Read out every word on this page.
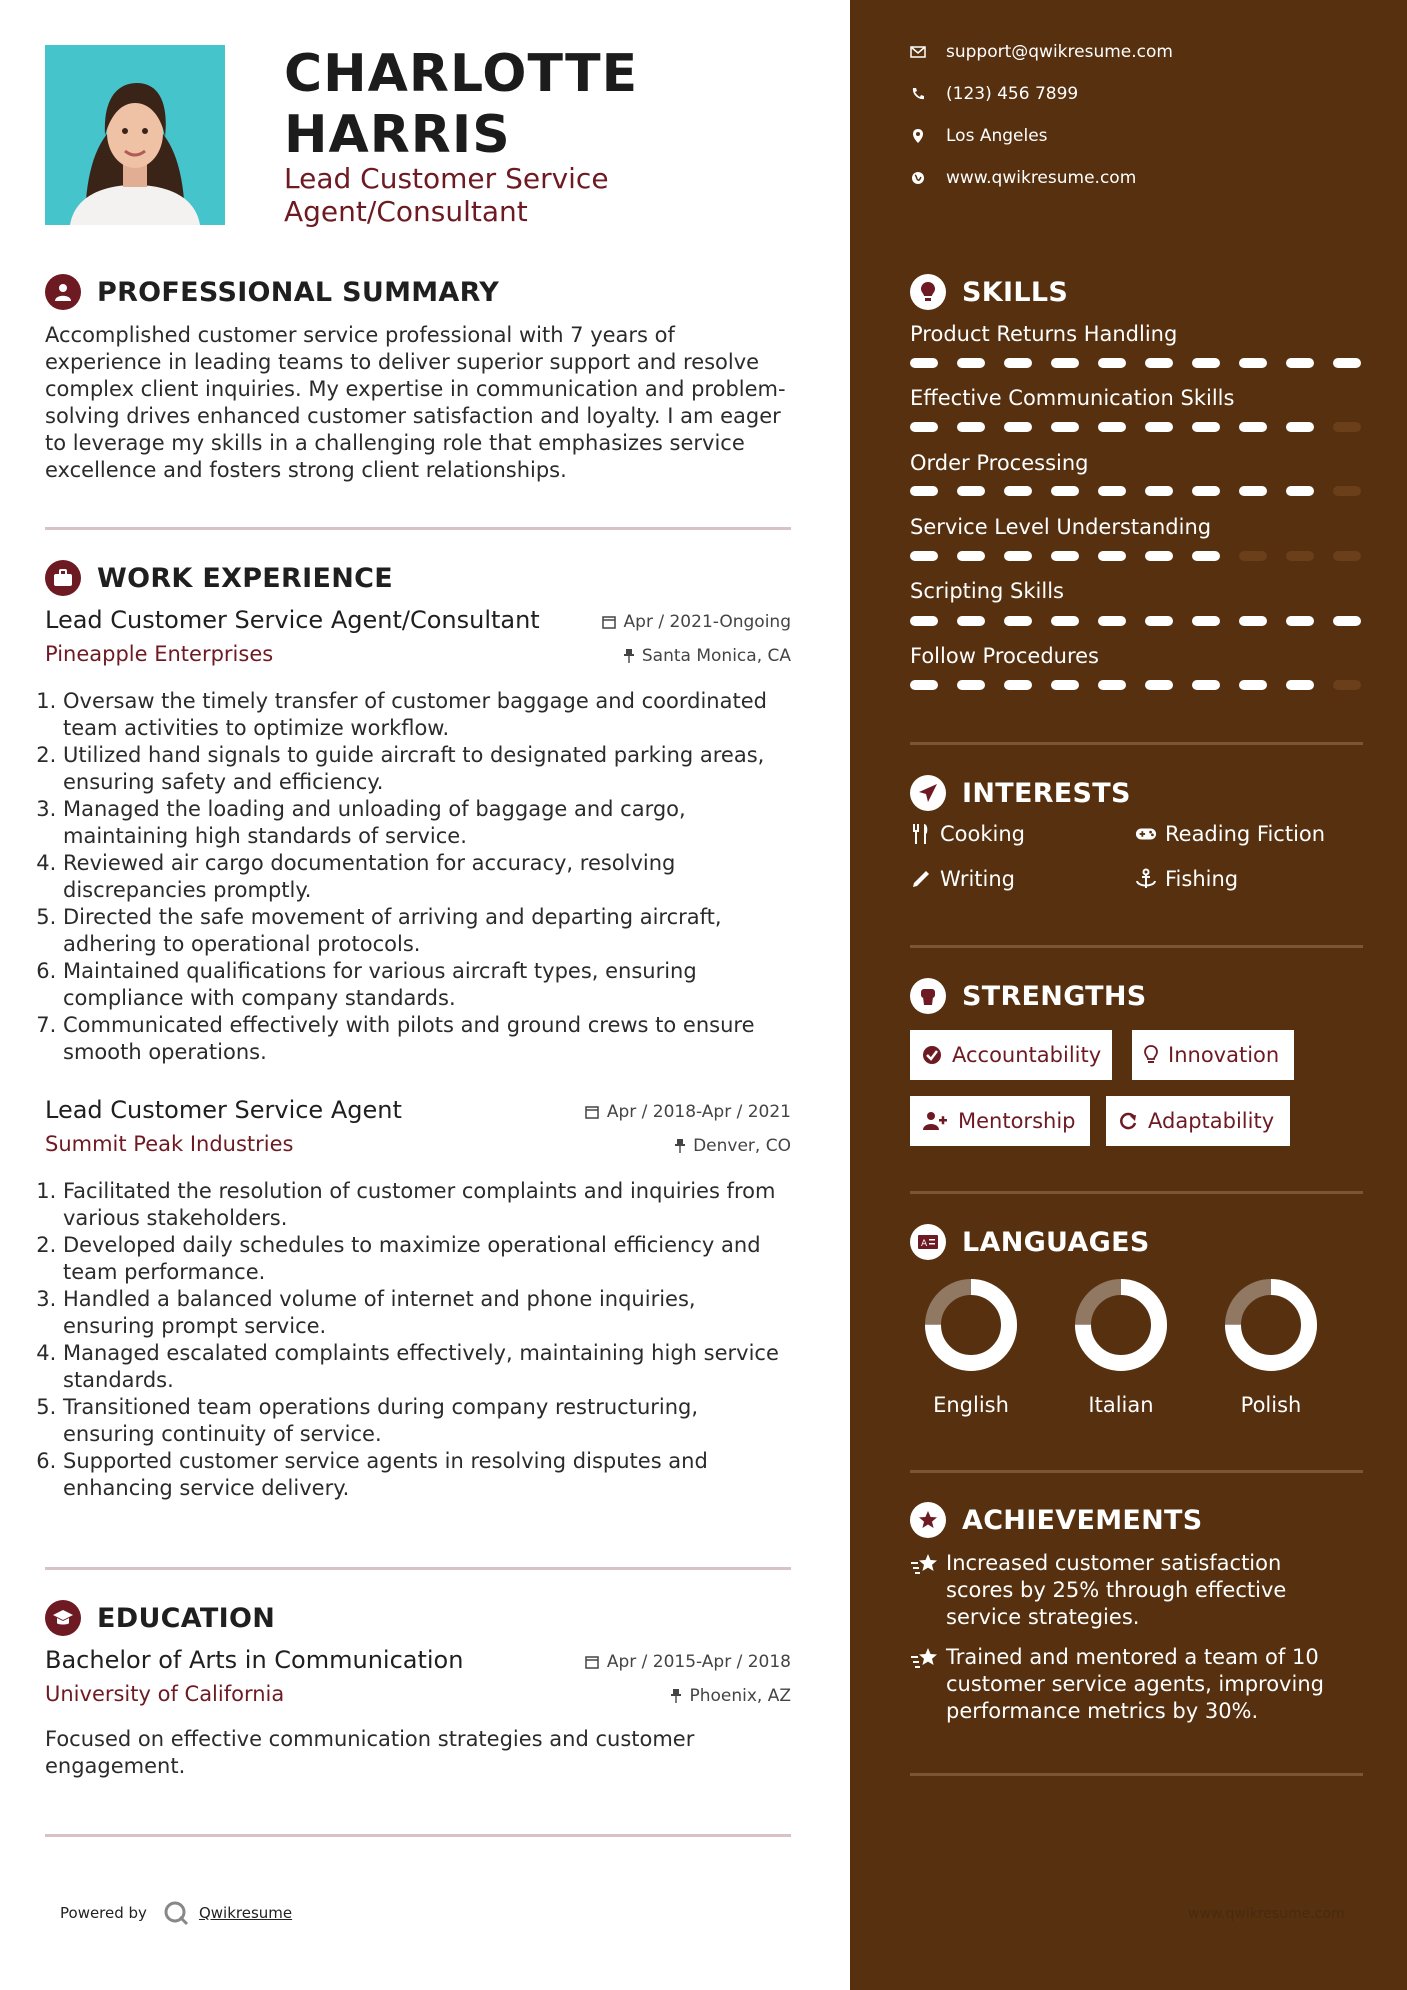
CHARLOTTE HARRIS
Lead Customer Service Agent/Consultant
PROFESSIONAL SUMMARY
Accomplished customer service professional with 7 years of experience in leading teams to deliver superior support and resolve complex client inquiries. My expertise in communication and problem-solving drives enhanced customer satisfaction and loyalty. I am eager to leverage my skills in a challenging role that emphasizes service excellence and fosters strong client relationships.
WORK EXPERIENCE
Lead Customer Service Agent/Consultant	Apr / 2021-Ongoing
Pineapple Enterprises	Santa Monica, CA
1. Oversaw the timely transfer of customer baggage and coordinated team activities to optimize workflow.
2. Utilized hand signals to guide aircraft to designated parking areas, ensuring safety and efficiency.
3. Managed the loading and unloading of baggage and cargo, maintaining high standards of service.
4. Reviewed air cargo documentation for accuracy, resolving discrepancies promptly.
5. Directed the safe movement of arriving and departing aircraft, adhering to operational protocols.
6. Maintained qualifications for various aircraft types, ensuring compliance with company standards.
7. Communicated effectively with pilots and ground crews to ensure smooth operations.
Lead Customer Service Agent	Apr / 2018-Apr / 2021
Summit Peak Industries	Denver, CO
1. Facilitated the resolution of customer complaints and inquiries from various stakeholders.
2. Developed daily schedules to maximize operational efficiency and team performance.
3. Handled a balanced volume of internet and phone inquiries, ensuring prompt service.
4. Managed escalated complaints effectively, maintaining high service standards.
5. Transitioned team operations during company restructuring, ensuring continuity of service.
6. Supported customer service agents in resolving disputes and enhancing service delivery.
EDUCATION
Bachelor of Arts in Communication	Apr / 2015-Apr / 2018
University of California	Phoenix, AZ
Focused on effective communication strategies and customer engagement.
Powered by	Qwikresume
support@qwikresume.com
(123) 456 7899
Los Angeles
www.qwikresume.com
SKILLS
Product Returns Handling
Effective Communication Skills
Order Processing
Service Level Understanding
Scripting Skills
Follow Procedures
INTERESTS
Cooking	Reading Fiction
Writing	Fishing
STRENGTHS
Accountability	Innovation
Mentorship	Adaptability
A LANGUAGES
English	Italian	Polish
ACHIEVEMENTS
Increased customer satisfaction scores by 25% through effective service strategies.
Trained and mentored a team of 10 customer service agents, improving performance metrics by 30%.
www.qwikresume.com
